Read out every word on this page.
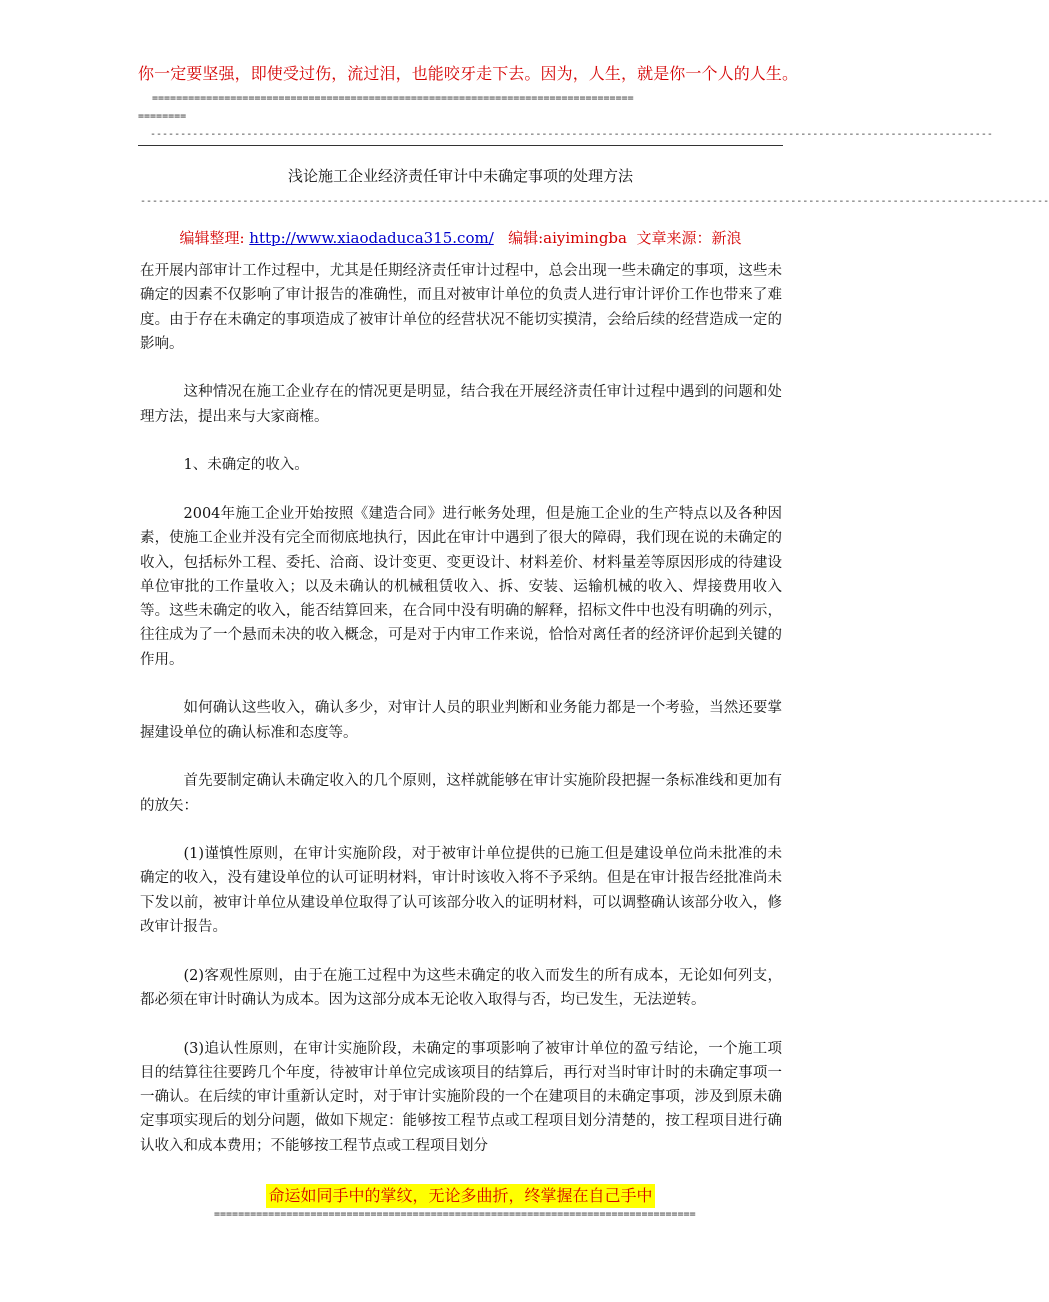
你一定要坚强，即使受过伤，流过泪，也能咬牙走下去。因为，人生，就是你一个人的人生。
================================================================================
========
--------------------------------------------------------------------------------------------------------------------------------------------
浅论施工企业经济责任审计中未确定事项的处理方法
-------------------------------------------------------------------------------------------------------------------------------------------------------
编辑整理: http://www.xiaodaduca315.com/ 编辑:aiyimingba 文章来源：新浪

在开展内部审计工作过程中，尤其是任期经济责任审计过程中，总会出现一些未确定的事项，这些未确定的因素不仅影响了审计报告的准确性，而且对被审计单位的负责人进行审计评价工作也带来了难度。由于存在未确定的事项造成了被审计单位的经营状况不能切实摸清，会给后续的经营造成一定的影响。

这种情况在施工企业存在的情况更是明显，结合我在开展经济责任审计过程中遇到的问题和处理方法，提出来与大家商榷。

1、未确定的收入。

2004年施工企业开始按照《建造合同》进行帐务处理，但是施工企业的生产特点以及各种因素，使施工企业并没有完全而彻底地执行，因此在审计中遇到了很大的障碍，我们现在说的未确定的收入，包括标外工程、委托、洽商、设计变更、变更设计、材料差价、材料量差等原因形成的待建设单位审批的工作量收入；以及未确认的机械租赁收入、拆、安装、运输机械的收入、焊接费用收入等。这些未确定的收入，能否结算回来，在合同中没有明确的解释，招标文件中也没有明确的列示，往往成为了一个悬而未决的收入概念，可是对于内审工作来说，恰恰对离任者的经济评价起到关键的作用。

如何确认这些收入，确认多少，对审计人员的职业判断和业务能力都是一个考验，当然还要掌握建设单位的确认标准和态度等。

首先要制定确认未确定收入的几个原则，这样就能够在审计实施阶段把握一条标准线和更加有的放矢：

(1)谨慎性原则，在审计实施阶段，对于被审计单位提供的已施工但是建设单位尚未批准的未确定的收入，没有建设单位的认可证明材料，审计时该收入将不予采纳。但是在审计报告经批准尚未下发以前，被审计单位从建设单位取得了认可该部分收入的证明材料，可以调整确认该部分收入，修改审计报告。

(2)客观性原则，由于在施工过程中为这些未确定的收入而发生的所有成本，无论如何列支，都必须在审计时确认为成本。因为这部分成本无论收入取得与否，均已发生，无法逆转。

(3)追认性原则，在审计实施阶段，未确定的事项影响了被审计单位的盈亏结论，一个施工项目的结算往往要跨几个年度，待被审计单位完成该项目的结算后，再行对当时审计时的未确定事项一一确认。在后续的审计重新认定时，对于审计实施阶段的一个在建项目的未确定事项，涉及到原未确定事项实现后的划分问题，做如下规定：能够按工程节点或工程项目划分清楚的，按工程项目进行确认收入和成本费用；不能够按工程节点或工程项目划分

命运如同手中的掌纹，无论多曲折，终掌握在自己手中
================================================================================
